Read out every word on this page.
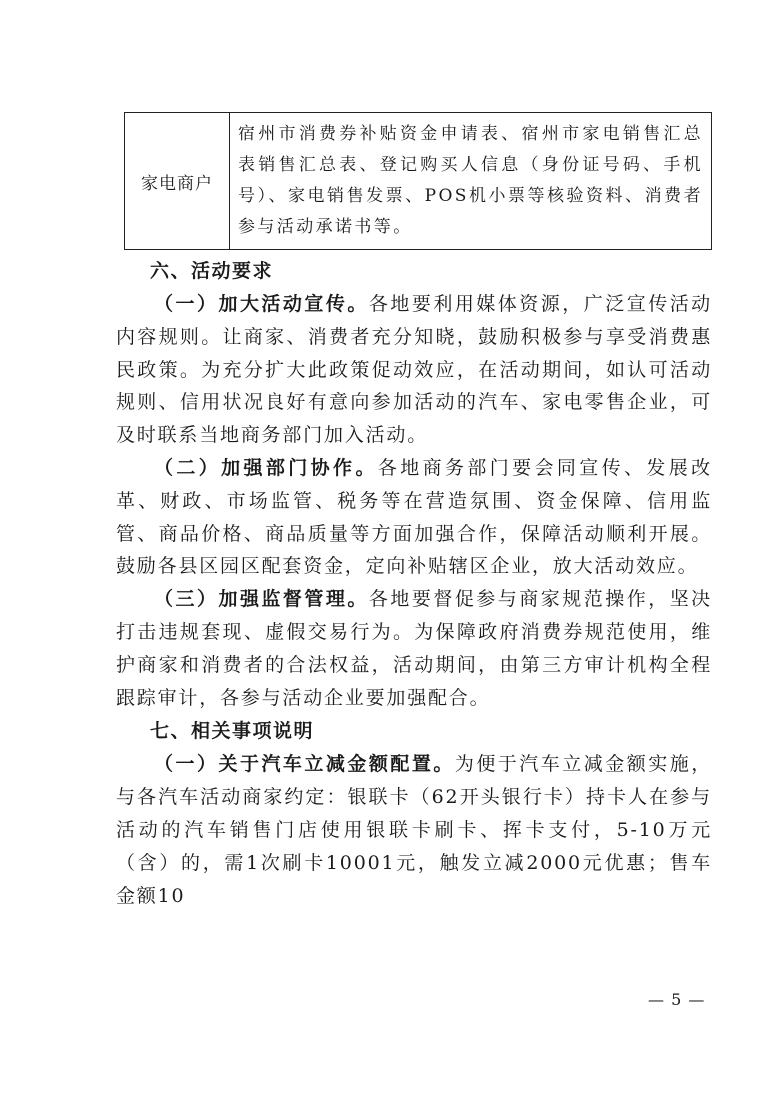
家电商户
宿州市消费券补贴资金申请表、宿州市家电销售汇总表销售汇总表、登记购买人信息（身份证号码、手机号）、家电销售发票、POS机小票等核验资料、消费者参与活动承诺书等。

六、活动要求

（一）加大活动宣传。各地要利用媒体资源，广泛宣传活动内容规则。让商家、消费者充分知晓，鼓励积极参与享受消费惠民政策。为充分扩大此政策促动效应，在活动期间，如认可活动规则、信用状况良好有意向参加活动的汽车、家电零售企业，可及时联系当地商务部门加入活动。

（二）加强部门协作。各地商务部门要会同宣传、发展改革、财政、市场监管、税务等在营造氛围、资金保障、信用监管、商品价格、商品质量等方面加强合作，保障活动顺利开展。鼓励各县区园区配套资金，定向补贴辖区企业，放大活动效应。

（三）加强监督管理。各地要督促参与商家规范操作，坚决打击违规套现、虚假交易行为。为保障政府消费券规范使用，维护商家和消费者的合法权益，活动期间，由第三方审计机构全程跟踪审计，各参与活动企业要加强配合。

七、相关事项说明

（一）关于汽车立减金额配置。为便于汽车立减金额实施，与各汽车活动商家约定：银联卡（62开头银行卡）持卡人在参与活动的汽车销售门店使用银联卡刷卡、挥卡支付，5-10万元（含）的，需1次刷卡10001元，触发立减2000元优惠；售车金额10

— 5 —
